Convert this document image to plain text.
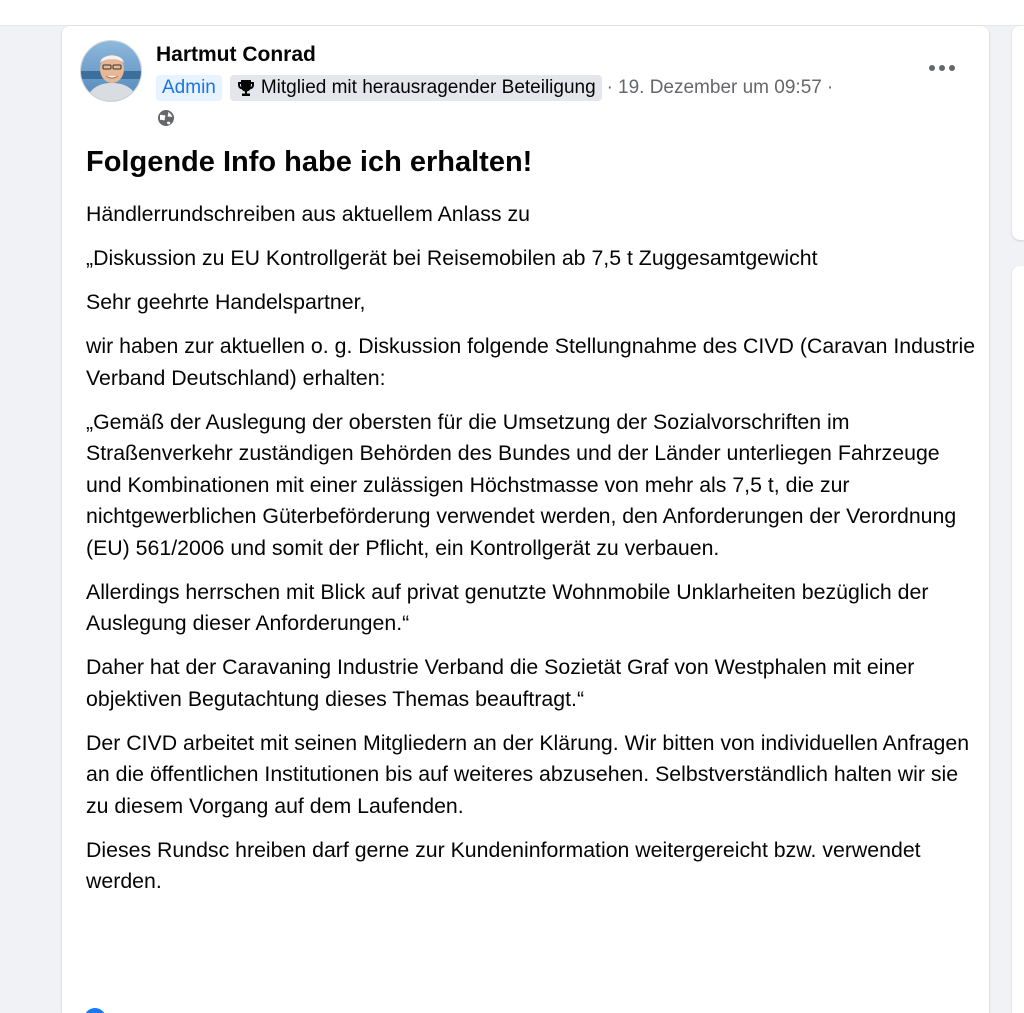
Hartmut Conrad
Admin	Mitglied mit herausragender Beteiligung · 19. Dezember um 09:57 ·
Folgende Info habe ich erhalten!

Händlerrundschreiben aus aktuellem Anlass zu

„Diskussion zu EU Kontrollgerät bei Reisemobilen ab 7,5 t Zuggesamtgewicht

Sehr geehrte Handelspartner,

wir haben zur aktuellen o. g. Diskussion folgende Stellungnahme des CIVD (Caravan Industrie Verband Deutschland) erhalten:

„Gemäß der Auslegung der obersten für die Umsetzung der Sozialvorschriften im Straßenverkehr zuständigen Behörden des Bundes und der Länder unterliegen Fahrzeuge und Kombinationen mit einer zulässigen Höchstmasse von mehr als 7,5 t, die zur nichtgewerblichen Güterbeförderung verwendet werden, den Anforderungen der Verordnung (EU) 561/2006 und somit der Pflicht, ein Kontrollgerät zu verbauen.

Allerdings herrschen mit Blick auf privat genutzte Wohnmobile Unklarheiten bezüglich der Auslegung dieser Anforderungen.“

Daher hat der Caravaning Industrie Verband die Sozietät Graf von Westphalen mit einer objektiven Begutachtung dieses Themas beauftragt.“

Der CIVD arbeitet mit seinen Mitgliedern an der Klärung. Wir bitten von individuellen Anfragen an die öffentlichen Institutionen bis auf weiteres abzusehen. Selbstverständlich halten wir sie zu diesem Vorgang auf dem Laufenden.

Dieses Rundsc hreiben darf gerne zur Kundeninformation weitergereicht bzw. verwendet werden.
